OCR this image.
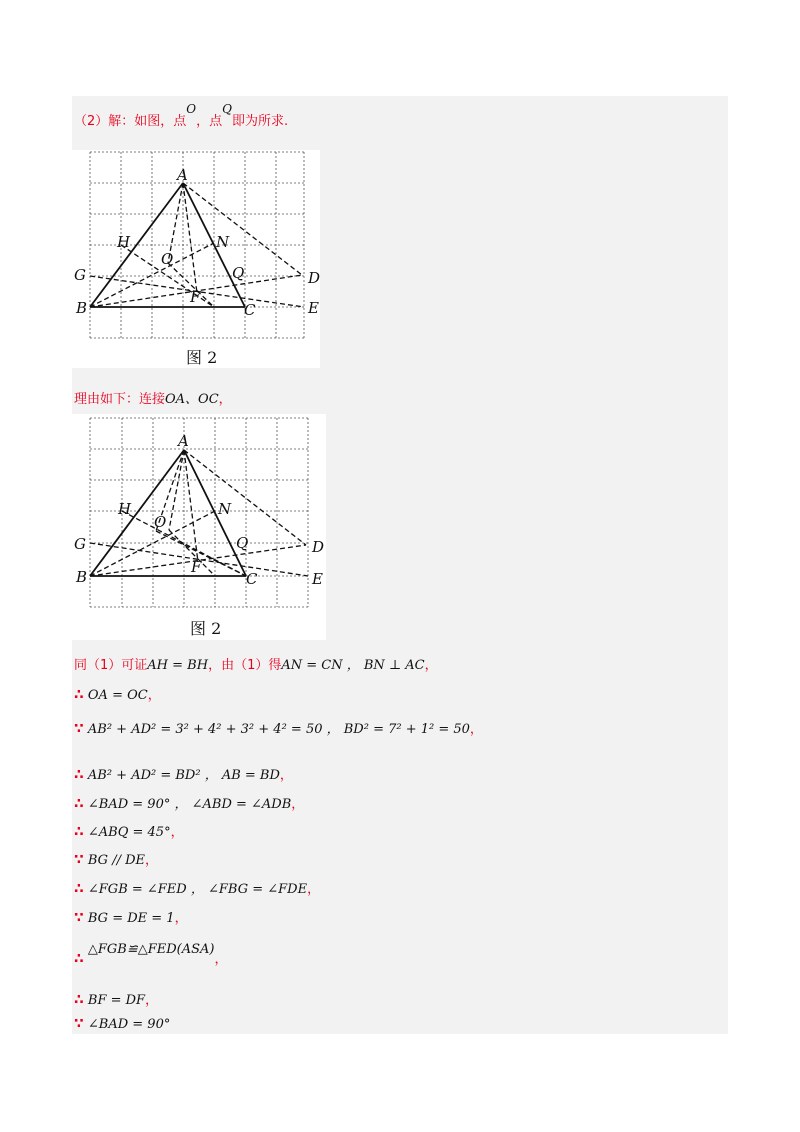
（2）解：如图，点O，点Q即为所求.
A
B	C
D
E
F
G
H	N
O
Q
图 2
理由如下：连接OA、OC，
A
B	C
D
E
F
G
H	N
O
Q
图 2
同（1）可证AH = BH，由（1）得AN = CN ， BN ⊥ AC，
∴ OA = OC，
∵ AB² + AD² = 3² + 4² + 3² + 4² = 50 ， BD² = 7² + 1² = 50，
∴ AB² + AD² = BD² ， AB = BD，
∴ ∠BAD = 90° ， ∠ABD = ∠ADB，
∴ ∠ABQ = 45°，
∵ BG // DE，
∴ ∠FGB = ∠FED ， ∠FBG = ∠FDE，
∵ BG = DE = 1，
∴ △FGB≌△FED(ASA)，
∴ BF = DF，
∵ ∠BAD = 90°
